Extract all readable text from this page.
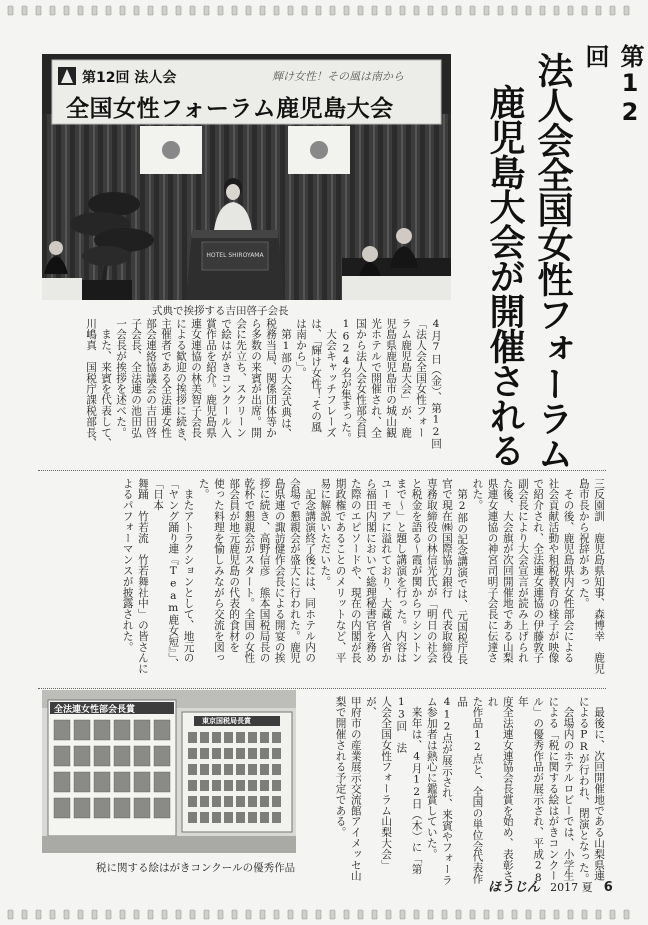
第12回
法人会全国女性フォーラム
鹿児島大会が開催される
第12回 法人会	輝け女性！その風は南から
全国女性フォーラム鹿児島大会
HOTEL SHIROYAMA
式典で挨拶する吉田啓子会長
4月7日（金）、第12回
「法人会全国女性フォー
ラム鹿児島大会」が、鹿
児島県鹿児島市の城山観
光ホテルで開催され、全
国から法人会女性部会員
1624名が集まった。
　大会キャッチフレーズ
は、「輝け女性！その風
は南から」。
　第1部の大会式典は、
税務当局、関係団体等か
ら多数の来賓が出席。開
会に先立ち、スクリーン
で絵はがきコンクール入
賞作品を紹介。鹿児島県
連女連協の林美智子会長
による歓迎の挨拶に続き、
主催者である全法連女性
部会連絡協議会の吉田啓
子会長、全法連の池田弘
一会長が挨拶を述べた。
　また、来賓を代表して、
川嶋真　国税庁課税部長、
三反園訓　鹿児島県知事、森博幸　鹿児
島市長から祝辞があった。
　その後、鹿児島県内女性部会による
社会貢献活動や租税教育の様子が映像
で紹介され、全法連女連協の伊藤敦子
副会長により大会宣言が読み上げられ
た後、大会旗が次回開催地である山梨
県連女連協の神宮司明子会長に伝達さ
れた。
　第2部の記念講演では、元国税庁長
官で現在㈱国際協力銀行　代表取締役
専務取締役の林信光氏が「明日の社会
と税金を語る～霞が関からワシントン
まで～」と題し講演を行った。内容は
ユーモアに溢れており、大蔵省入省か
ら福田内閣において総理秘書官を務め
た際のエピソードや、現在の内閣が長
期政権であることのメリットなど、平
易に解説いただいた。
　記念講演終了後には、同ホテル内の
会場で懇親会が盛大に行われた。鹿児
島県連の諏訪健作会長による開宴の挨
拶に続き、高野信彦　熊本国税局長の
乾杯で懇親会がスタート。全国の女性
部会員が地元鹿児島の代表的食材を
使った料理を愉しみながら交流を図っ
た。
　またアトラクションとして、地元の
「ヤング踊り連『Team鹿女短』」、「日本
舞踊　竹若流　竹若舞社中」の皆さんに
よるパフォーマンスが披露された。
全法連女性部会長賞
東京国税局長賞
税に関する絵はがきコンクールの優秀作品	　最後に、次回開催地である山梨県連
によるPRが行われ、閉演となった。
　会場内のホテルロビーでは、小学生
による「税に関する絵はがきコンクー
ル」の優秀作品が展示され、平成28年
度全法連女連協会長賞を始め、表彰され
た作品12点と、全国の単位会代表作品
412点が展示され、来賓やフォーラ
ム参加者は熱心に鑑賞していた。
　来年は、4月12日（木）に「第13回　法
人会全国女性フォーラム山梨大会」が、
甲府市の産業展示交流館アイメッセ山
梨で開催される予定である。
ほうじん 2017 夏 6
